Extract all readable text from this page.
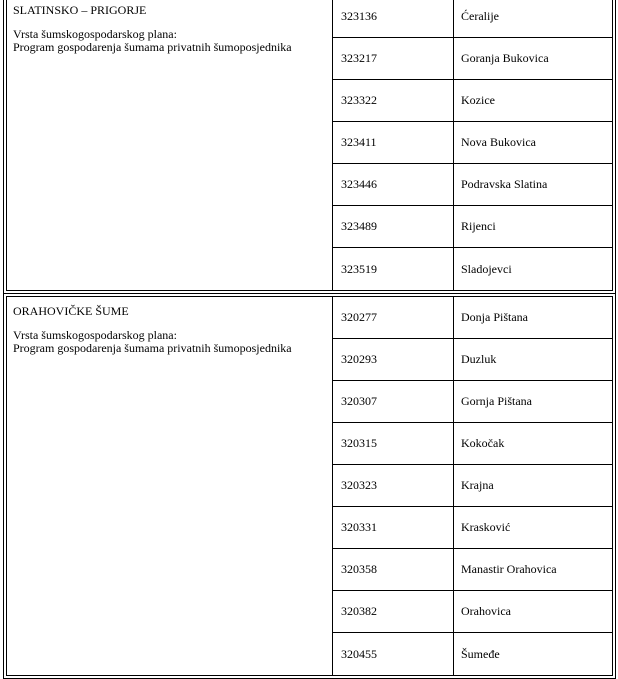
SLATINSKO – PRIGORJE
Vrsta šumskogospodarskog plana:
Program gospodarenja šumama privatnih šumoposjednika
323136	Ćeralije
323217	Goranja Bukovica
323322	Kozice
323411	Nova Bukovica
323446	Podravska Slatina
323489	Rijenci
323519	Sladojevci
ORAHOVIČKE ŠUME
Vrsta šumskogospodarskog plana:
Program gospodarenja šumama privatnih šumoposjednika
320277	Donja Pištana
320293	Duzluk
320307	Gornja Pištana
320315	Kokočak
320323	Krajna
320331	Krasković
320358	Manastir Orahovica
320382	Orahovica
320455	Šumeđe
